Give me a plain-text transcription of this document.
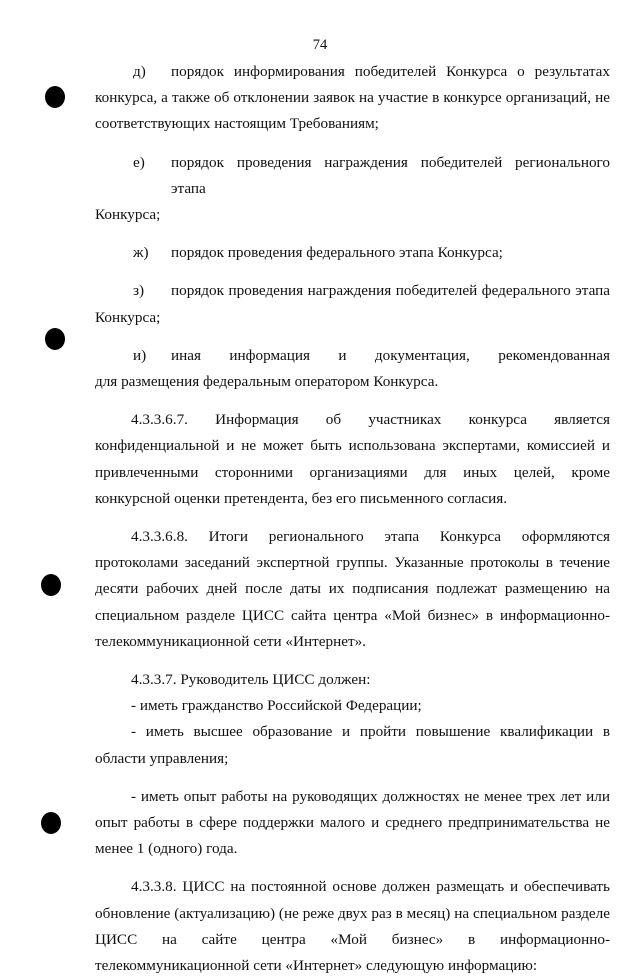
74
д)	порядок информирования победителей Конкурса о результатах

конкурса, а также об отклонении заявок на участие в конкурсе организаций, не соответствующих настоящим Требованиям;

е)	порядок проведения награждения победителей регионального этапа

Конкурса;

ж)	порядок проведения федерального этапа Конкурса;
з)	порядок проведения награждения победителей федерального этапа

Конкурса;

и)	иная информация и документация, рекомендованная

для размещения федеральным оператором Конкурса.

4.3.3.6.7. Информация об участниках конкурса является конфиденциальной и не может быть использована экспертами, комиссией и привлеченными сторонними организациями для иных целей, кроме конкурсной оценки претендента, без его письменного согласия.

4.3.3.6.8. Итоги регионального этапа Конкурса оформляются протоколами заседаний экспертной группы. Указанные протоколы в течение десяти рабочих дней после даты их подписания подлежат размещению на специальном разделе ЦИСС сайта центра «Мой бизнес» в информационно-телекоммуникационной сети «Интернет».

4.3.3.7. Руководитель ЦИСС должен:

- иметь гражданство Российской Федерации;

- иметь высшее образование и пройти повышение квалификации в области управления;

- иметь опыт работы на руководящих должностях не менее трех лет или опыт работы в сфере поддержки малого и среднего предпринимательства не менее 1 (одного) года.

4.3.3.8. ЦИСС на постоянной основе должен размещать и обеспечивать обновление (актуализацию) (не реже двух раз в месяц) на специальном разделе ЦИСС на сайте центра «Мой бизнес» в информационно-телекоммуникационной сети «Интернет» следующую информацию:
